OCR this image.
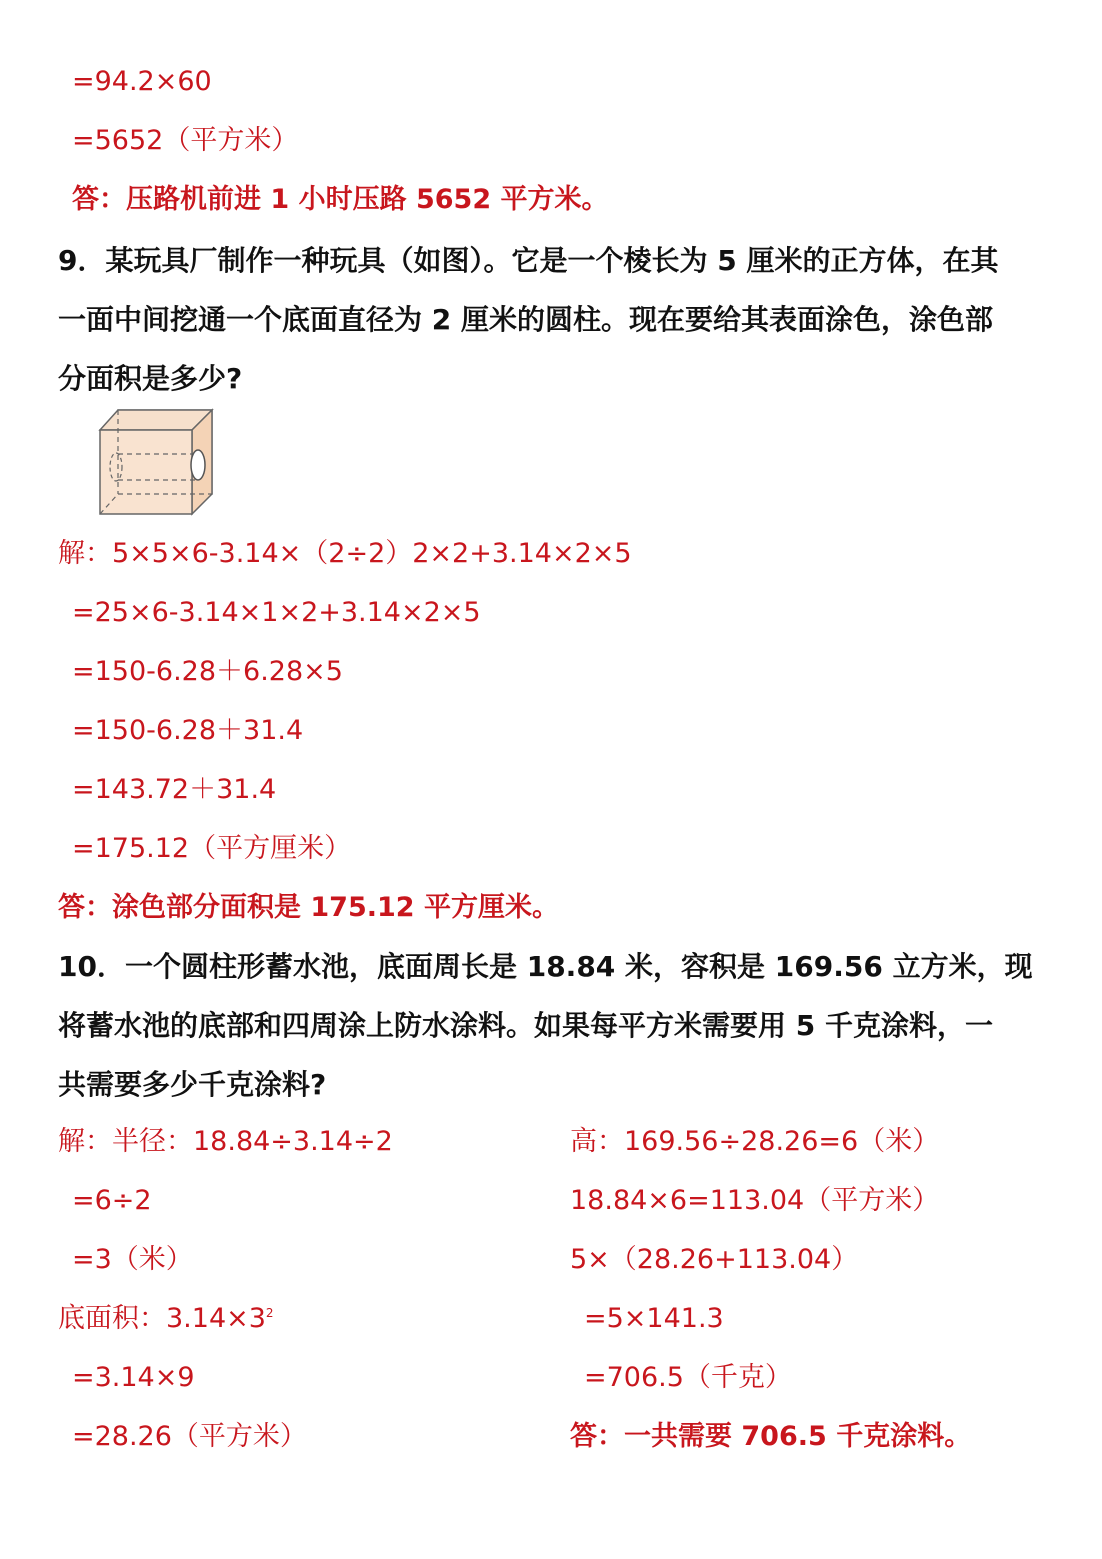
=94.2×60
=5652（平方米）
答：压路机前进 1 小时压路 5652 平方米。
9．某玩具厂制作一种玩具（如图）。它是一个棱长为 5 厘米的正方体，在其
一面中间挖通一个底面直径为 2 厘米的圆柱。现在要给其表面涂色，涂色部
分面积是多少?
解：5×5×6-3.14×（2÷2）2×2+3.14×2×5
=25×6-3.14×1×2+3.14×2×5
=150-6.28＋6.28×5
=150-6.28＋31.4
=143.72＋31.4
=175.12（平方厘米）
答：涂色部分面积是 175.12 平方厘米。
10．一个圆柱形蓄水池，底面周长是 18.84 米，容积是 169.56 立方米，现
将蓄水池的底部和四周涂上防水涂料。如果每平方米需要用 5 千克涂料，一
共需要多少千克涂料?
解：半径：18.84÷3.14÷2
=6÷2
=3（米）
底面积：$3.14\times 3^2$
=3.14×9
=28.26（平方米）
高：169.56÷28.26=6（米）
18.84×6=113.04（平方米）
5×（28.26+113.04）
=5×141.3
=706.5（千克）
答：一共需要 706.5 千克涂料。
